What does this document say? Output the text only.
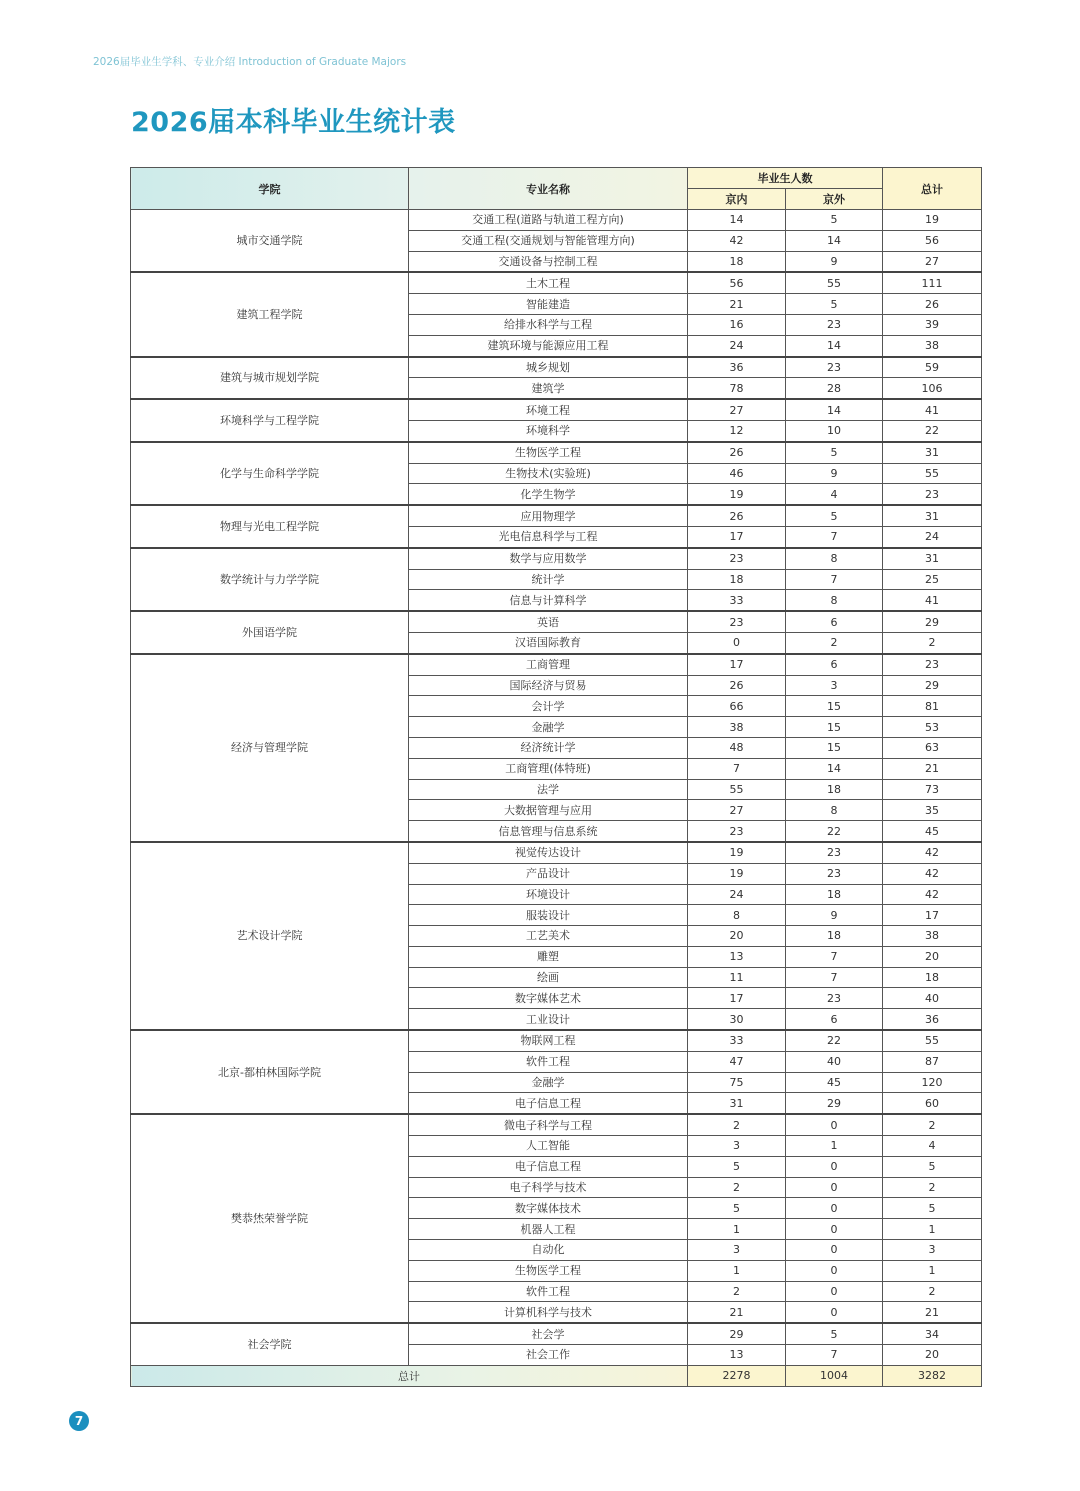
2026届毕业生学科、专业介绍 Introduction of Graduate Majors
2026届本科毕业生统计表
学院	专业名称	毕业生人数		总计
		京内	京外	
城市交通学院	交通工程(道路与轨道工程方向)	14	5	19
	交通工程(交通规划与智能管理方向)	42	14	56
	交通设备与控制工程	18	9	27
建筑工程学院	土木工程	56	55	111
	智能建造	21	5	26
	给排水科学与工程	16	23	39
	建筑环境与能源应用工程	24	14	38
建筑与城市规划学院	城乡规划	36	23	59
	建筑学	78	28	106
环境科学与工程学院	环境工程	27	14	41
	环境科学	12	10	22
化学与生命科学学院	生物医学工程	26	5	31
	生物技术(实验班)	46	9	55
	化学生物学	19	4	23
物理与光电工程学院	应用物理学	26	5	31
	光电信息科学与工程	17	7	24
数学统计与力学学院	数学与应用数学	23	8	31
	统计学	18	7	25
	信息与计算科学	33	8	41
外国语学院	英语	23	6	29
	汉语国际教育	0	2	2
经济与管理学院	工商管理	17	6	23
	国际经济与贸易	26	3	29
	会计学	66	15	81
	金融学	38	15	53
	经济统计学	48	15	63
	工商管理(体特班)	7	14	21
	法学	55	18	73
	大数据管理与应用	27	8	35
	信息管理与信息系统	23	22	45
艺术设计学院	视觉传达设计	19	23	42
	产品设计	19	23	42
	环境设计	24	18	42
	服装设计	8	9	17
	工艺美术	20	18	38
	雕塑	13	7	20
	绘画	11	7	18
	数字媒体艺术	17	23	40
	工业设计	30	6	36
北京-都柏林国际学院	物联网工程	33	22	55
	软件工程	47	40	87
	金融学	75	45	120
	电子信息工程	31	29	60
樊恭烋荣誉学院	微电子科学与工程	2	0	2
	人工智能	3	1	4
	电子信息工程	5	0	5
	电子科学与技术	2	0	2
	数字媒体技术	5	0	5
	机器人工程	1	0	1
	自动化	3	0	3
	生物医学工程	1	0	1
	软件工程	2	0	2
	计算机科学与技术	21	0	21
社会学院	社会学	29	5	34
	社会工作	13	7	20
总计		2278	1004	3282
7
